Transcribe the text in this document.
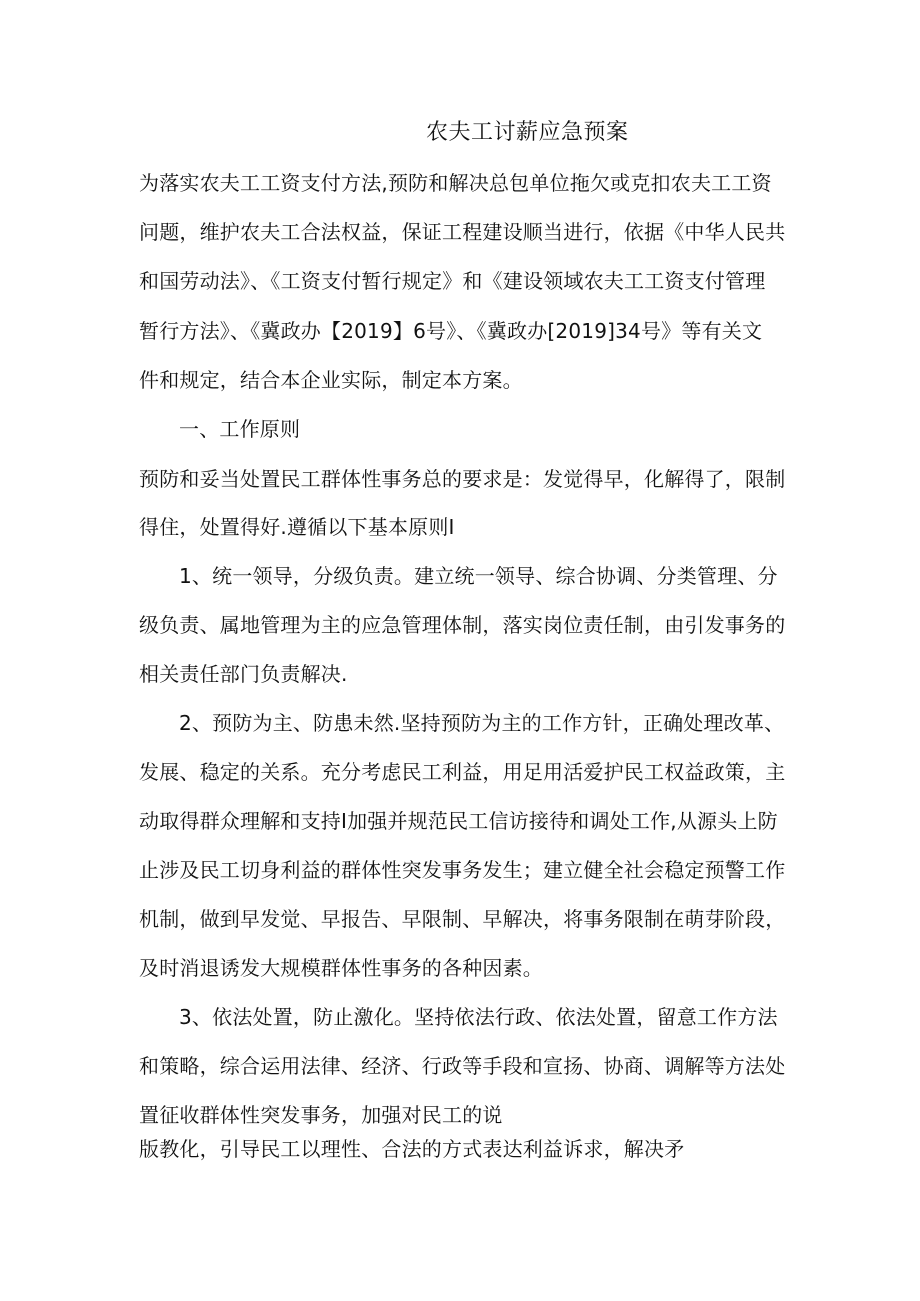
农夫工讨薪应急预案
为落实农夫工工资支付方法,预防和解决总包单位拖欠或克扣农夫工工资
问题，维护农夫工合法权益，保证工程建设顺当进行，依据《中华人民共
和国劳动法》、《工资支付暂行规定》和《建设领域农夫工工资支付管理
暂行方法》、《冀政办【2019】6号》、《冀政办[2019]34号》等有关文
件和规定，结合本企业实际，制定本方案。
一、工作原则
预防和妥当处置民工群体性事务总的要求是：发觉得早，化解得了，限制
得住，处置得好.遵循以下基本原则I
1、统一领导，分级负责。建立统一领导、综合协调、分类管理、分
级负责、属地管理为主的应急管理体制，落实岗位责任制，由引发事务的
相关责任部门负责解决.
2、预防为主、防患未然.坚持预防为主的工作方针，正确处理改革、
发展、稳定的关系。充分考虑民工利益，用足用活爱护民工权益政策，主
动取得群众理解和支持I加强并规范民工信访接待和调处工作,从源头上防
止涉及民工切身利益的群体性突发事务发生；建立健全社会稳定预警工作
机制，做到早发觉、早报告、早限制、早解决，将事务限制在萌芽阶段，
及时消退诱发大规模群体性事务的各种因素。
3、依法处置，防止激化。坚持依法行政、依法处置，留意工作方法
和策略，综合运用法律、经济、行政等手段和宣扬、协商、调解等方法处
置征收群体性突发事务，加强对民工的说
版教化，引导民工以理性、合法的方式表达利益诉求，解决矛
